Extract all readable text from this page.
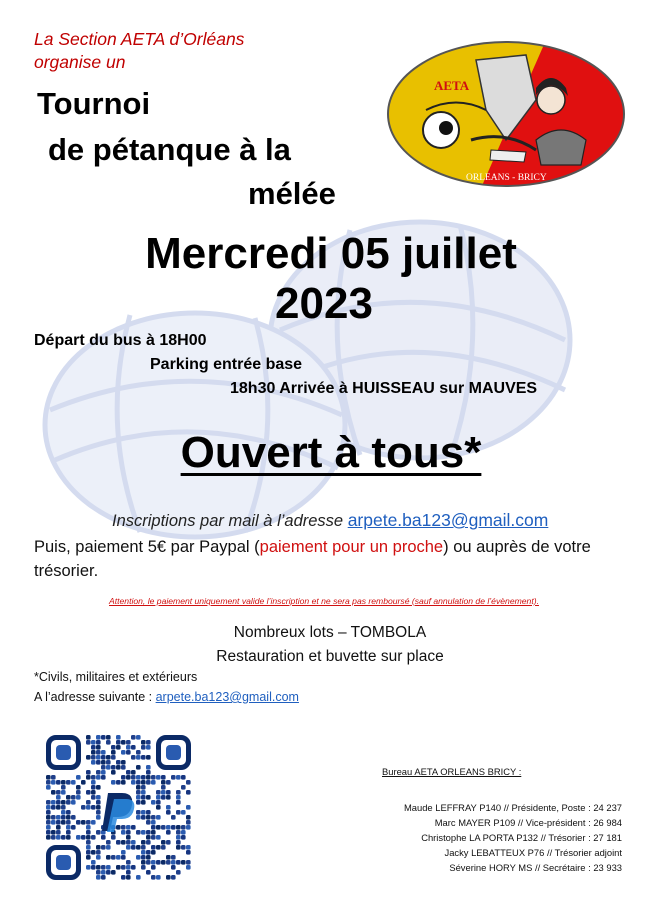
La Section AETA d’Orléans
organise un
Tournoi
de pétanque à la
mélée
AETA
ORLEANS - BRICY
Mercredi 05 juillet
2023
Départ du bus à 18H00
Parking entrée base
18h30 Arrivée à HUISSEAU sur MAUVES
Ouvert à tous*
Inscriptions par mail à l’adresse arpete.ba123@gmail.com
Puis, paiement 5€ par Paypal (paiement pour un proche) ou auprès de votre trésorier.
Attention, le paiement uniquement valide l’inscription et ne sera pas remboursé (sauf annulation de l’évènement).
Nombreux lots – TOMBOLA
Restauration et buvette sur place
*Civils, militaires et extérieurs
A l’adresse suivante : arpete.ba123@gmail.com
Bureau AETA ORLEANS BRICY :
Maude LEFFRAY P140 // Présidente, Poste : 24 237
Marc MAYER P109 // Vice-président : 26 984
Christophe LA PORTA P132 // Trésorier : 27 181
Jacky LEBATTEUX P76 // Trésorier adjoint
Séverine HORY MS // Secrétaire : 23 933
